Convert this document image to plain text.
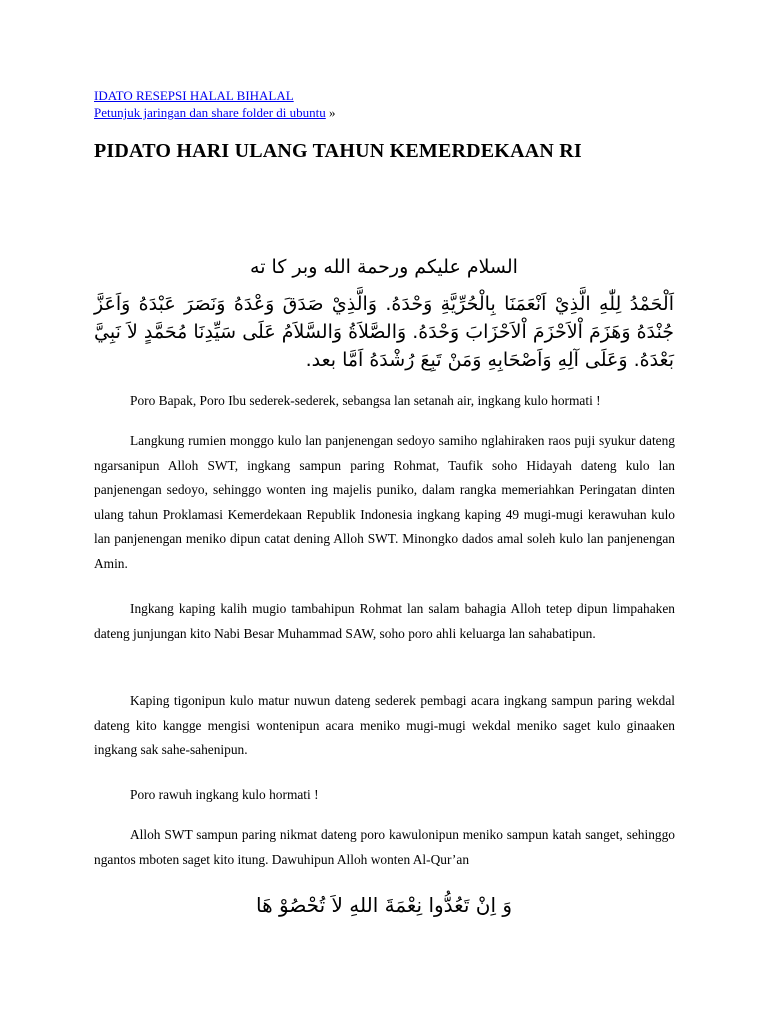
IDATO RESEPSI HALAL BIHALAL
Petunjuk jaringan dan share folder di ubuntu »
PIDATO HARI ULANG TAHUN KEMERDEKAAN RI
السلام عليكم ورحمة الله وبر كا ته
اَلْحَمْدُ لِلّٰهِ الَّذِيْ اَنْعَمَنَا بِالْحُرِّيَّةِ وَحْدَهُ. وَالَّذِيْ صَدَقَ وَعْدَهُ وَنَصَرَ عَبْدَهُ وَاَعَزَّ جُنْدَهُ وَهَزَمَ اْلاَحْزَمَ اْلاَحْزَابَ وَحْدَهُ. وَالصَّلاَةُ وَالسَّلاَمُ عَلَى سَيِّدِنَا مُحَمَّدٍ لاَ نَبِيَّ بَعْدَهُ. وَعَلَى آلِهِ وَاَصْحَابِهِ وَمَنْ تَبِعَ رُشْدَهُ اَمَّا بعد.

Poro Bapak, Poro Ibu sederek-sederek, sebangsa lan setanah air, ingkang kulo hormati !

Langkung rumien monggo kulo lan panjenengan sedoyo samiho nglahiraken raos puji syukur dateng ngarsanipun Alloh SWT, ingkang sampun paring Rohmat, Taufik soho Hidayah dateng kulo lan panjenengan sedoyo, sehinggo wonten ing majelis puniko, dalam rangka memeriahkan Peringatan dinten ulang tahun Proklamasi Kemerdekaan Republik Indonesia ingkang kaping 49 mugi-mugi kerawuhan kulo lan panjenengan meniko dipun catat dening Alloh SWT. Minongko dados amal soleh kulo lan panjenengan Amin.

Ingkang kaping kalih mugio tambahipun Rohmat lan salam bahagia Alloh tetep dipun limpahaken dateng junjungan kito Nabi Besar Muhammad SAW, soho poro ahli keluarga lan sahabatipun.

Kaping tigonipun kulo matur nuwun dateng sederek pembagi acara ingkang sampun paring wekdal dateng kito kangge mengisi wontenipun acara meniko mugi-mugi wekdal meniko saget kulo ginaaken ingkang sak sahe-sahenipun.

Poro rawuh ingkang kulo hormati !

Alloh SWT sampun paring nikmat dateng poro kawulonipun meniko sampun katah sanget, sehinggo ngantos mboten saget kito itung. Dawuhipun Alloh wonten Al-Qur’an

وَ اِنْ تَعُدُّوا نِعْمَةَ اللهِ لاَ تُحْصُوْ هَا
